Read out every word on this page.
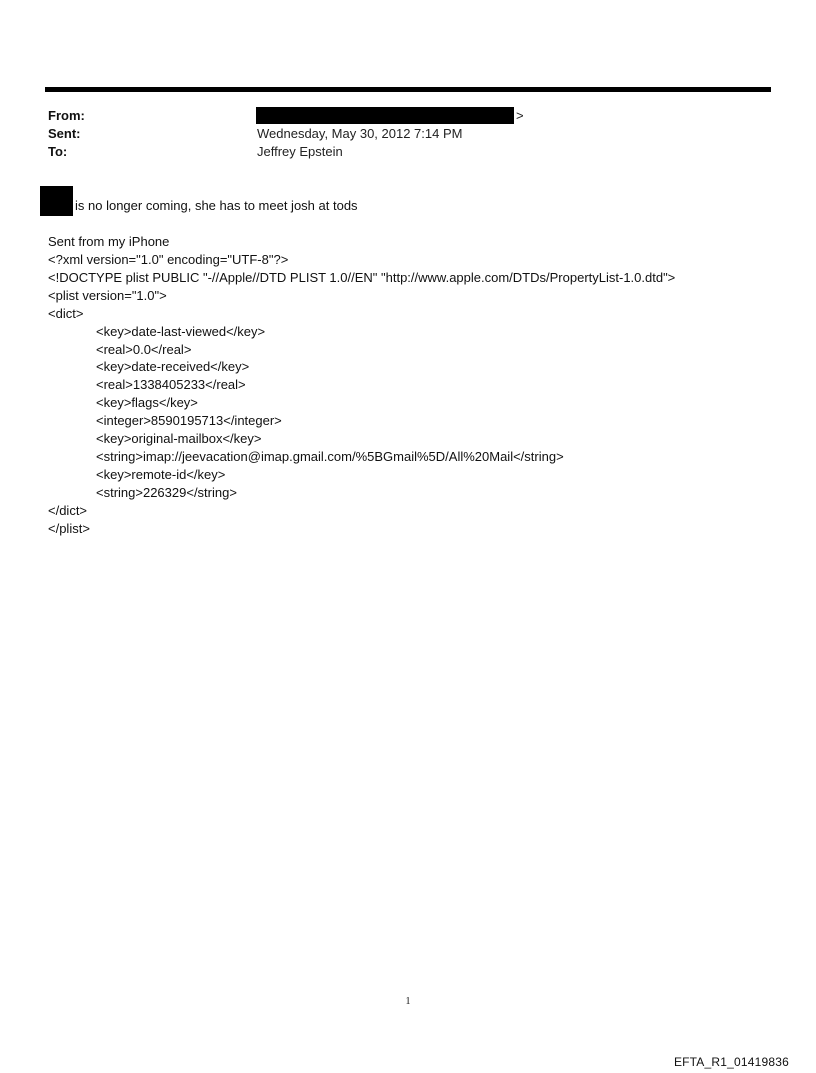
From:	>
Sent:	Wednesday, May 30, 2012 7:14 PM
To:	Jeffrey Epstein
is no longer coming, she has to meet josh at tods
Sent from my iPhone
<?xml version="1.0" encoding="UTF-8"?>
<!DOCTYPE plist PUBLIC "-//Apple//DTD PLIST 1.0//EN" "http://www.apple.com/DTDs/PropertyList-1.0.dtd">
<plist version="1.0">
<dict>
<key>date-last-viewed</key>
<real>0.0</real>
<key>date-received</key>
<real>1338405233</real>
<key>flags</key>
<integer>8590195713</integer>
<key>original-mailbox</key>
<string>imap://jeevacation@imap.gmail.com/%5BGmail%5D/All%20Mail</string>
<key>remote-id</key>
<string>226329</string>
</dict>
</plist>
1
EFTA_R1_01419836
